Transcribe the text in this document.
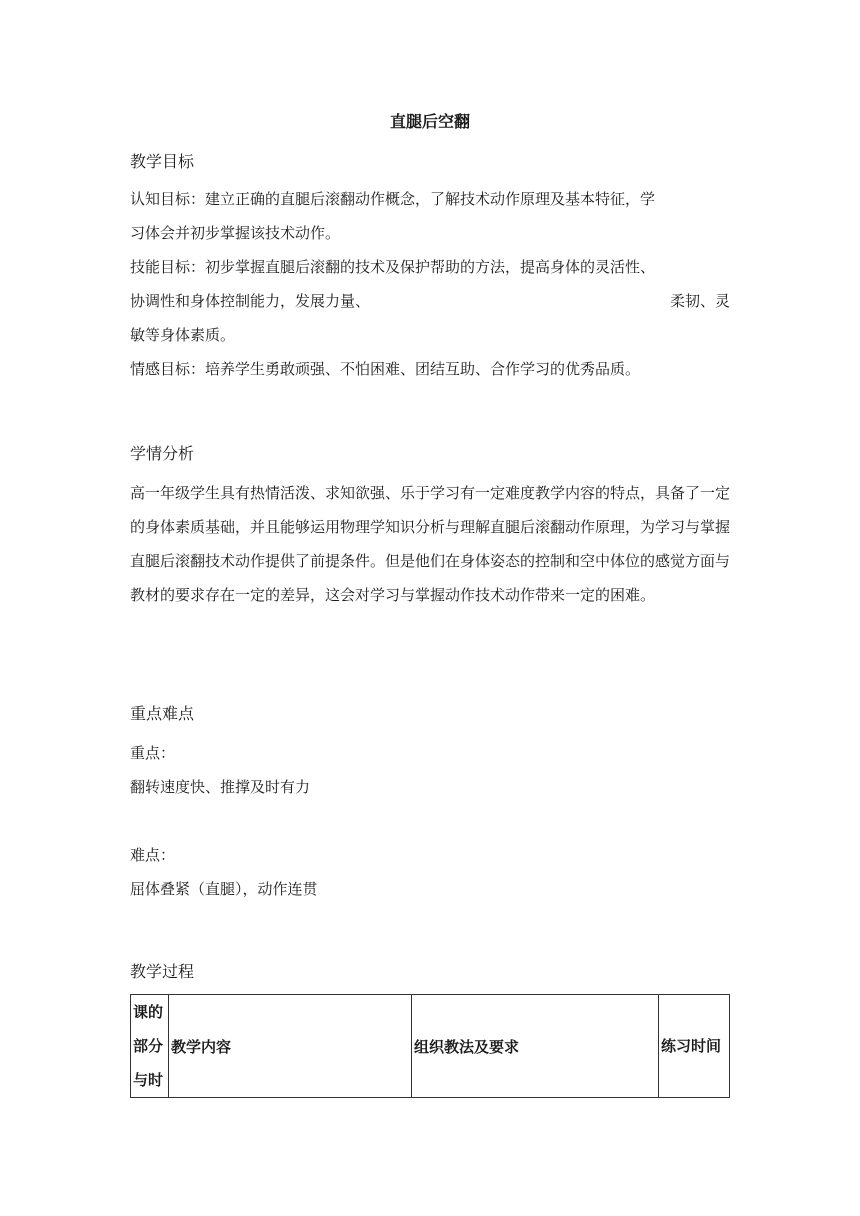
直腿后空翻
教学目标

认知目标：建立正确的直腿后滚翻动作概念，了解技术动作原理及基本特征，学

习体会并初步掌握该技术动作。

技能目标：初步掌握直腿后滚翻的技术及保护帮助的方法，提高身体的灵活性、

协调性和身体控制能力，发展力量、	柔韧、灵

敏等身体素质。

情感目标：培养学生勇敢顽强、不怕困难、团结互助、合作学习的优秀品质。

学情分析

高一年级学生具有热情活泼、求知欲强、乐于学习有一定难度教学内容的特点，具备了一定的身体素质基础，并且能够运用物理学知识分析与理解直腿后滚翻动作原理，为学习与掌握直腿后滚翻技术动作提供了前提条件。但是他们在身体姿态的控制和空中体位的感觉方面与教材的要求存在一定的差异，这会对学习与掌握动作技术动作带来一定的困难。

重点难点

重点：

翻转速度快、推撑及时有力

难点：

屈体叠紧（直腿），动作连贯

教学过程
课的部分与时	教学内容	组织教法及要求	练习时间
